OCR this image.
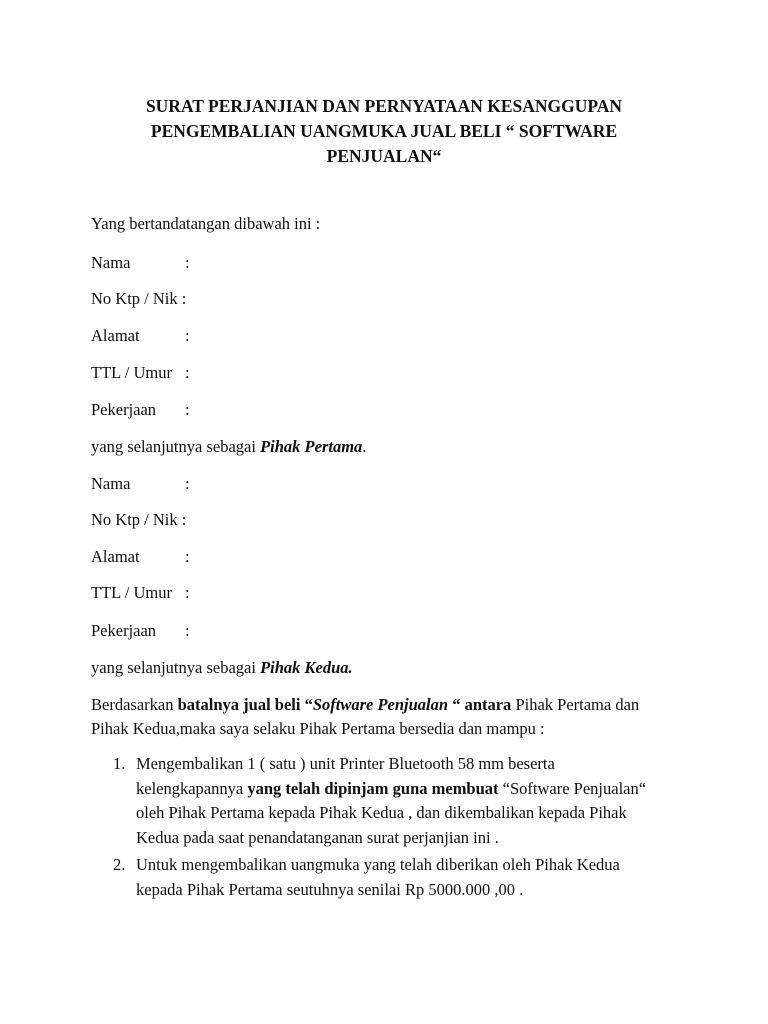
SURAT PERJANJIAN DAN PERNYATAAN KESANGGUPAN
PENGEMBALIAN UANGMUKA JUAL BELI “ SOFTWARE
PENJUALAN“
Yang bertandatangan dibawah ini :
Nama	:
No Ktp / Nik :
Alamat	:
TTL / Umur :
Pekerjaan :
yang selanjutnya sebagai Pihak Pertama.
Nama	:
No Ktp / Nik :
Alamat	:
TTL / Umur :
Pekerjaan :
yang selanjutnya sebagai Pihak Kedua.
Berdasarkan batalnya jual beli “Software Penjualan “ antara Pihak Pertama dan
Pihak Kedua,maka saya selaku Pihak Pertama bersedia dan mampu :
1. Mengembalikan 1 ( satu ) unit Printer Bluetooth 58 mm beserta
kelengkapannya yang telah dipinjam guna membuat “Software Penjualan“
oleh Pihak Pertama kepada Pihak Kedua , dan dikembalikan kepada Pihak
Kedua pada saat penandatanganan surat perjanjian ini .
2. Untuk mengembalikan uangmuka yang telah diberikan oleh Pihak Kedua
kepada Pihak Pertama seutuhnya senilai Rp 5000.000 ,00 .
